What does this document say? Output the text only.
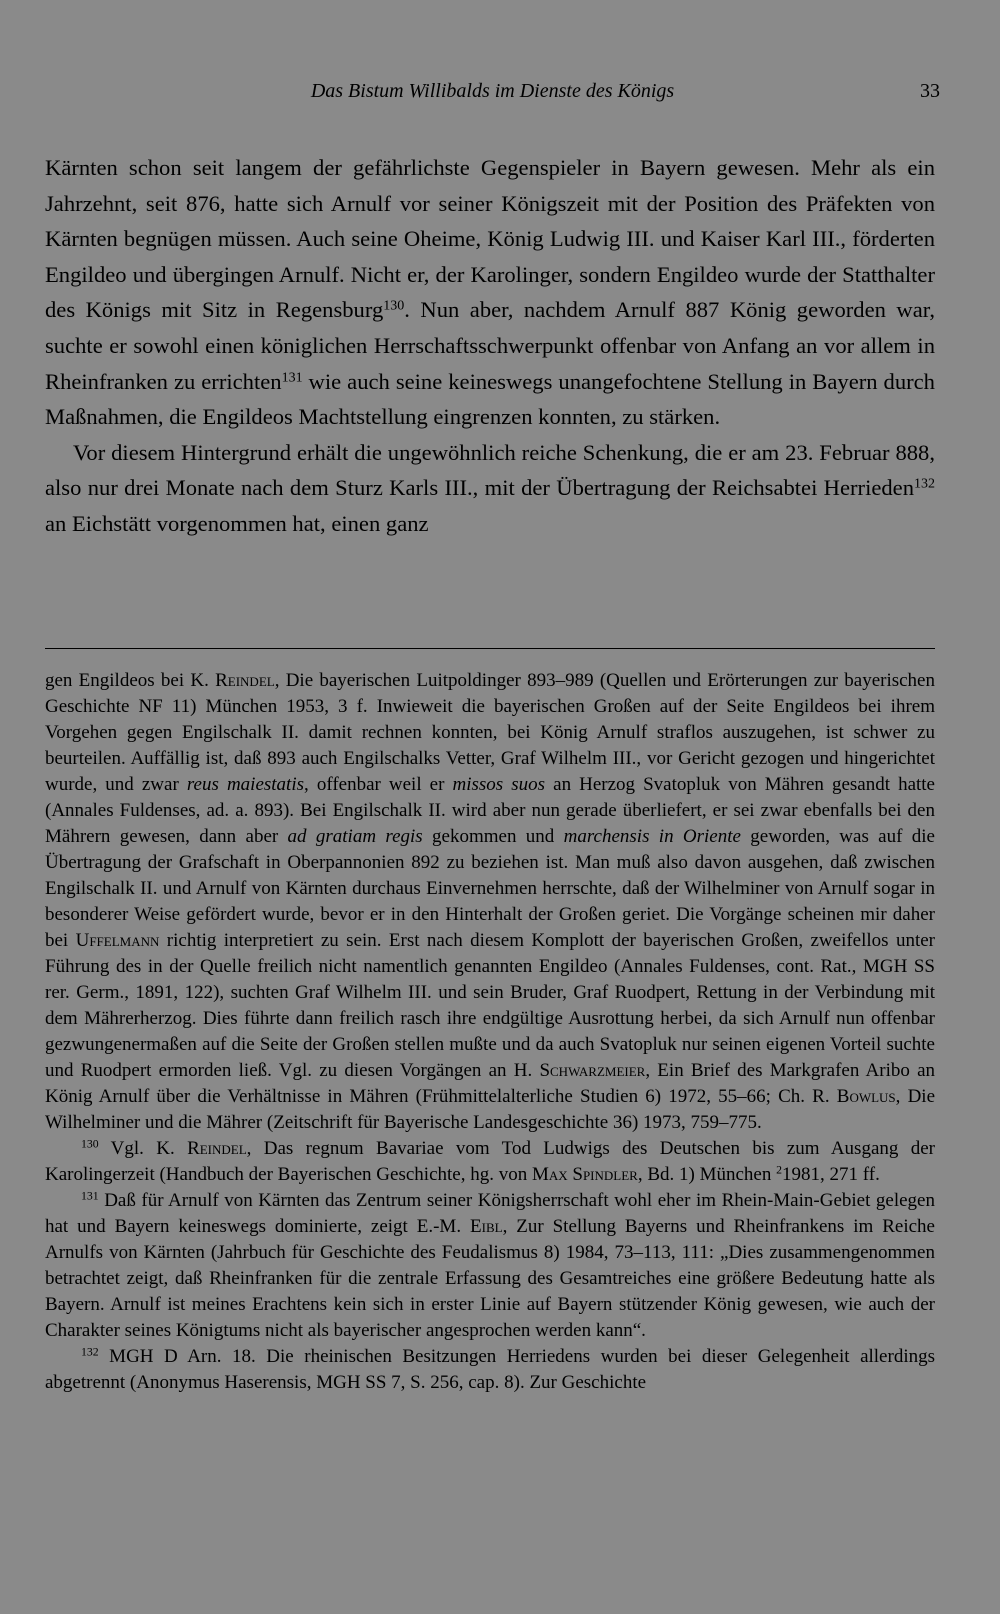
Das Bistum Willibalds im Dienste des Königs	33

Kärnten schon seit langem der gefährlichste Gegenspieler in Bayern gewesen. Mehr als ein Jahrzehnt, seit 876, hatte sich Arnulf vor seiner Königszeit mit der Position des Präfekten von Kärnten begnügen müssen. Auch seine Oheime, König Ludwig III. und Kaiser Karl III., förderten Engildeo und übergingen Arnulf. Nicht er, der Karolinger, sondern Engildeo wurde der Statthalter des Königs mit Sitz in Regensburg$^{130}$. Nun aber, nachdem Arnulf 887 König geworden war, suchte er sowohl einen königlichen Herrschaftsschwerpunkt offenbar von Anfang an vor allem in Rheinfranken zu errichten$^{131}$ wie auch seine keineswegs unangefochtene Stellung in Bayern durch Maßnahmen, die Engildeos Machtstellung eingrenzen konnten, zu stärken.

Vor diesem Hintergrund erhält die ungewöhnlich reiche Schenkung, die er am 23. Februar 888, also nur drei Monate nach dem Sturz Karls III., mit der Übertragung der Reichsabtei Herrieden$^{132}$ an Eichstätt vorgenommen hat, einen ganz

gen Engildeos bei K. Reindel, Die bayerischen Luitpoldinger 893–989 (Quellen und Erörterungen zur bayerischen Geschichte NF 11) München 1953, 3 f. Inwieweit die bayerischen Großen auf der Seite Engildeos bei ihrem Vorgehen gegen Engilschalk II. damit rechnen konnten, bei König Arnulf straflos auszugehen, ist schwer zu beurteilen. Auffällig ist, daß 893 auch Engilschalks Vetter, Graf Wilhelm III., vor Gericht gezogen und hingerichtet wurde, und zwar reus maiestatis, offenbar weil er missos suos an Herzog Svatopluk von Mähren gesandt hatte (Annales Fuldenses, ad. a. 893). Bei Engilschalk II. wird aber nun gerade überliefert, er sei zwar ebenfalls bei den Mährern gewesen, dann aber ad gratiam regis gekommen und marchensis in Oriente geworden, was auf die Übertragung der Grafschaft in Oberpannonien 892 zu beziehen ist. Man muß also davon ausgehen, daß zwischen Engilschalk II. und Arnulf von Kärnten durchaus Einvernehmen herrschte, daß der Wilhelminer von Arnulf sogar in besonderer Weise gefördert wurde, bevor er in den Hinterhalt der Großen geriet. Die Vorgänge scheinen mir daher bei Uffelmann richtig interpretiert zu sein. Erst nach diesem Komplott der bayerischen Großen, zweifellos unter Führung des in der Quelle freilich nicht namentlich genannten Engildeo (Annales Fuldenses, cont. Rat., MGH SS rer. Germ., 1891, 122), suchten Graf Wilhelm III. und sein Bruder, Graf Ruodpert, Rettung in der Verbindung mit dem Mährerherzog. Dies führte dann freilich rasch ihre endgültige Ausrottung herbei, da sich Arnulf nun offenbar gezwungenermaßen auf die Seite der Großen stellen mußte und da auch Svatopluk nur seinen eigenen Vorteil suchte und Ruodpert ermorden ließ. Vgl. zu diesen Vorgängen an H. Schwarzmeier, Ein Brief des Markgrafen Aribo an König Arnulf über die Verhältnisse in Mähren (Frühmittelalterliche Studien 6) 1972, 55–66; Ch. R. Bowlus, Die Wilhelminer und die Mährer (Zeitschrift für Bayerische Landesgeschichte 36) 1973, 759–775.

$^{130}$ Vgl. K. Reindel, Das regnum Bavariae vom Tod Ludwigs des Deutschen bis zum Ausgang der Karolingerzeit (Handbuch der Bayerischen Geschichte, hg. von Max Spindler, Bd. 1) München $^2$1981, 271 ff.

$^{131}$ Daß für Arnulf von Kärnten das Zentrum seiner Königsherrschaft wohl eher im Rhein-Main-Gebiet gelegen hat und Bayern keineswegs dominierte, zeigt E.-M. Eibl, Zur Stellung Bayerns und Rheinfrankens im Reiche Arnulfs von Kärnten (Jahrbuch für Geschichte des Feudalismus 8) 1984, 73–113, 111: „Dies zusammengenommen betrachtet zeigt, daß Rheinfranken für die zentrale Erfassung des Gesamtreiches eine größere Bedeutung hatte als Bayern. Arnulf ist meines Erachtens kein sich in erster Linie auf Bayern stützender König gewesen, wie auch der Charakter seines Königtums nicht als bayerischer angesprochen werden kann“.

$^{132}$ MGH D Arn. 18. Die rheinischen Besitzungen Herriedens wurden bei dieser Gelegenheit allerdings abgetrennt (Anonymus Haserensis, MGH SS 7, S. 256, cap. 8). Zur Geschichte
